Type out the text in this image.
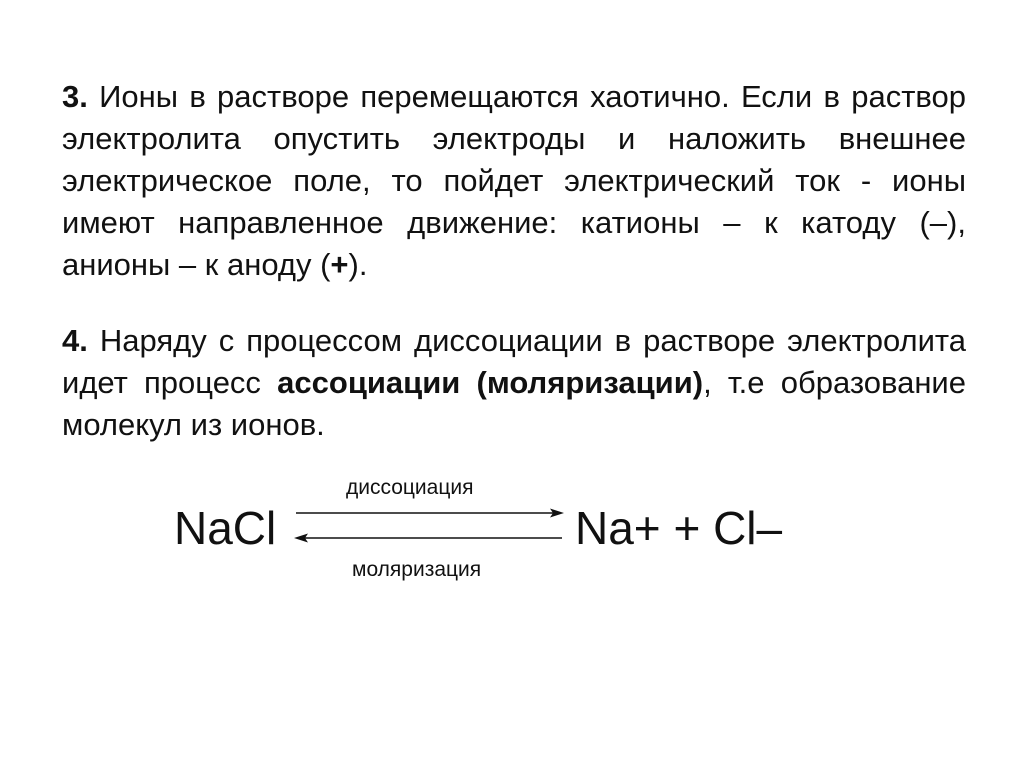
3. Ионы в растворе перемещаются хаотично. Если в раствор электролита опустить электроды и наложить внешнее электрическое поле, то пойдет электрический ток - ионы имеют направленное движение: катионы – к катоду (–), анионы – к аноду (+).
4. Наряду с процессом диссоциации в растворе электролита идет процесс ассоциации (моляризации), т.е образование молекул из ионов.
диссоциация
NaCl	Na+ + Cl–
моляризация
